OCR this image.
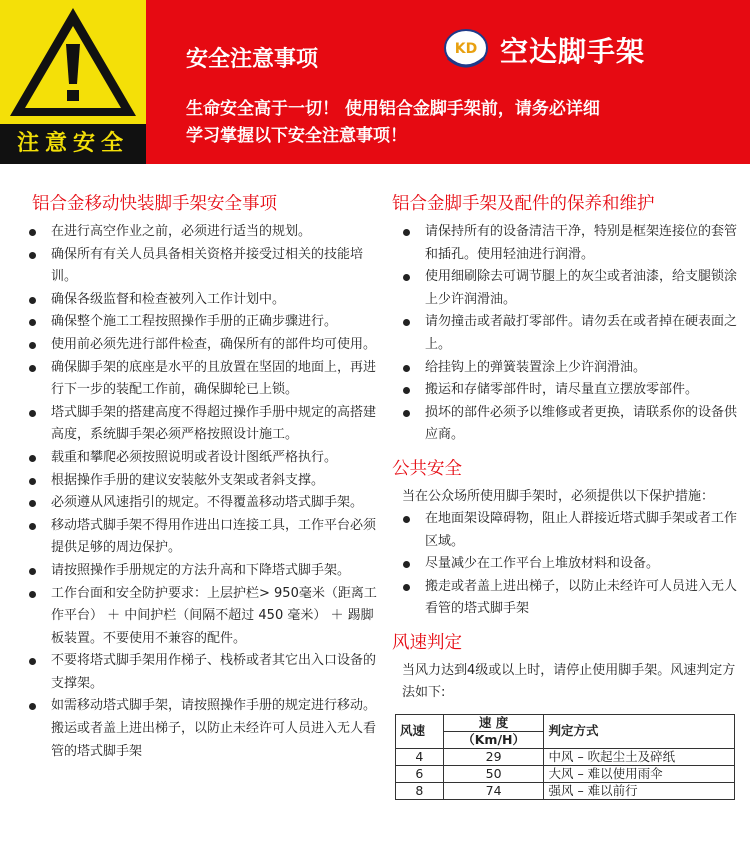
注意安全
安全注意事项	KD 空达脚手架
生命安全高于一切！ 使用铝合金脚手架前，请务必详细
学习掌握以下安全注意事项！
铝合金移动快装脚手架安全事项
在进行高空作业之前，必须进行适当的规划。
确保所有有关人员具备相关资格并接受过相关的技能培训。
确保各级监督和检查被列入工作计划中。
确保整个施工工程按照操作手册的正确步骤进行。
使用前必须先进行部件检查，确保所有的部件均可使用。
确保脚手架的底座是水平的且放置在坚固的地面上，再进行下一步的装配工作前，确保脚轮已上锁。
塔式脚手架的搭建高度不得超过操作手册中规定的高搭建高度，系统脚手架必须严格按照设计施工。
载重和攀爬必须按照说明或者设计图纸严格执行。
根据操作手册的建议安装舷外支架或者斜支撑。
必须遵从风速指引的规定。不得覆盖移动塔式脚手架。
移动塔式脚手架不得用作进出口连接工具，工作平台必须提供足够的周边保护。
请按照操作手册规定的方法升高和下降塔式脚手架。
工作台面和安全防护要求：上层护栏> 950毫米（距离工作平台） ＋ 中间护栏（间隔不超过 450 毫米） ＋ 踢脚板装置。不要使用不兼容的配件。
不要将塔式脚手架用作梯子、栈桥或者其它出入口设备的支撑架。
如需移动塔式脚手架，请按照操作手册的规定进行移动。搬运或者盖上进出梯子，以防止未经许可人员进入无人看管的塔式脚手架
铝合金脚手架及配件的保养和维护
请保持所有的设备清洁干净，特别是框架连接位的套管和插孔。使用轻油进行润滑。
使用细刷除去可调节腿上的灰尘或者油漆，给支腿锁涂上少许润滑油。
请勿撞击或者敲打零部件。请勿丢在或者掉在硬表面之上。
给挂钩上的弹簧装置涂上少许润滑油。
搬运和存储零部件时，请尽量直立摆放零部件。
损坏的部件必须予以维修或者更换，请联系你的设备供应商。
公共安全
当在公众场所使用脚手架时，必须提供以下保护措施：
在地面架设障碍物，阻止人群接近塔式脚手架或者工作区域。
尽量减少在工作平台上堆放材料和设备。
搬走或者盖上进出梯子，以防止未经许可人员进入无人看管的塔式脚手架
风速判定
当风力达到4级或以上时，请停止使用脚手架。风速判定方法如下:
风速	速 度	判定方式
	（Km/H）	
4	29	中风 – 吹起尘土及碎纸
6	50	大风 – 难以使用雨伞
8	74	强风 – 难以前行
